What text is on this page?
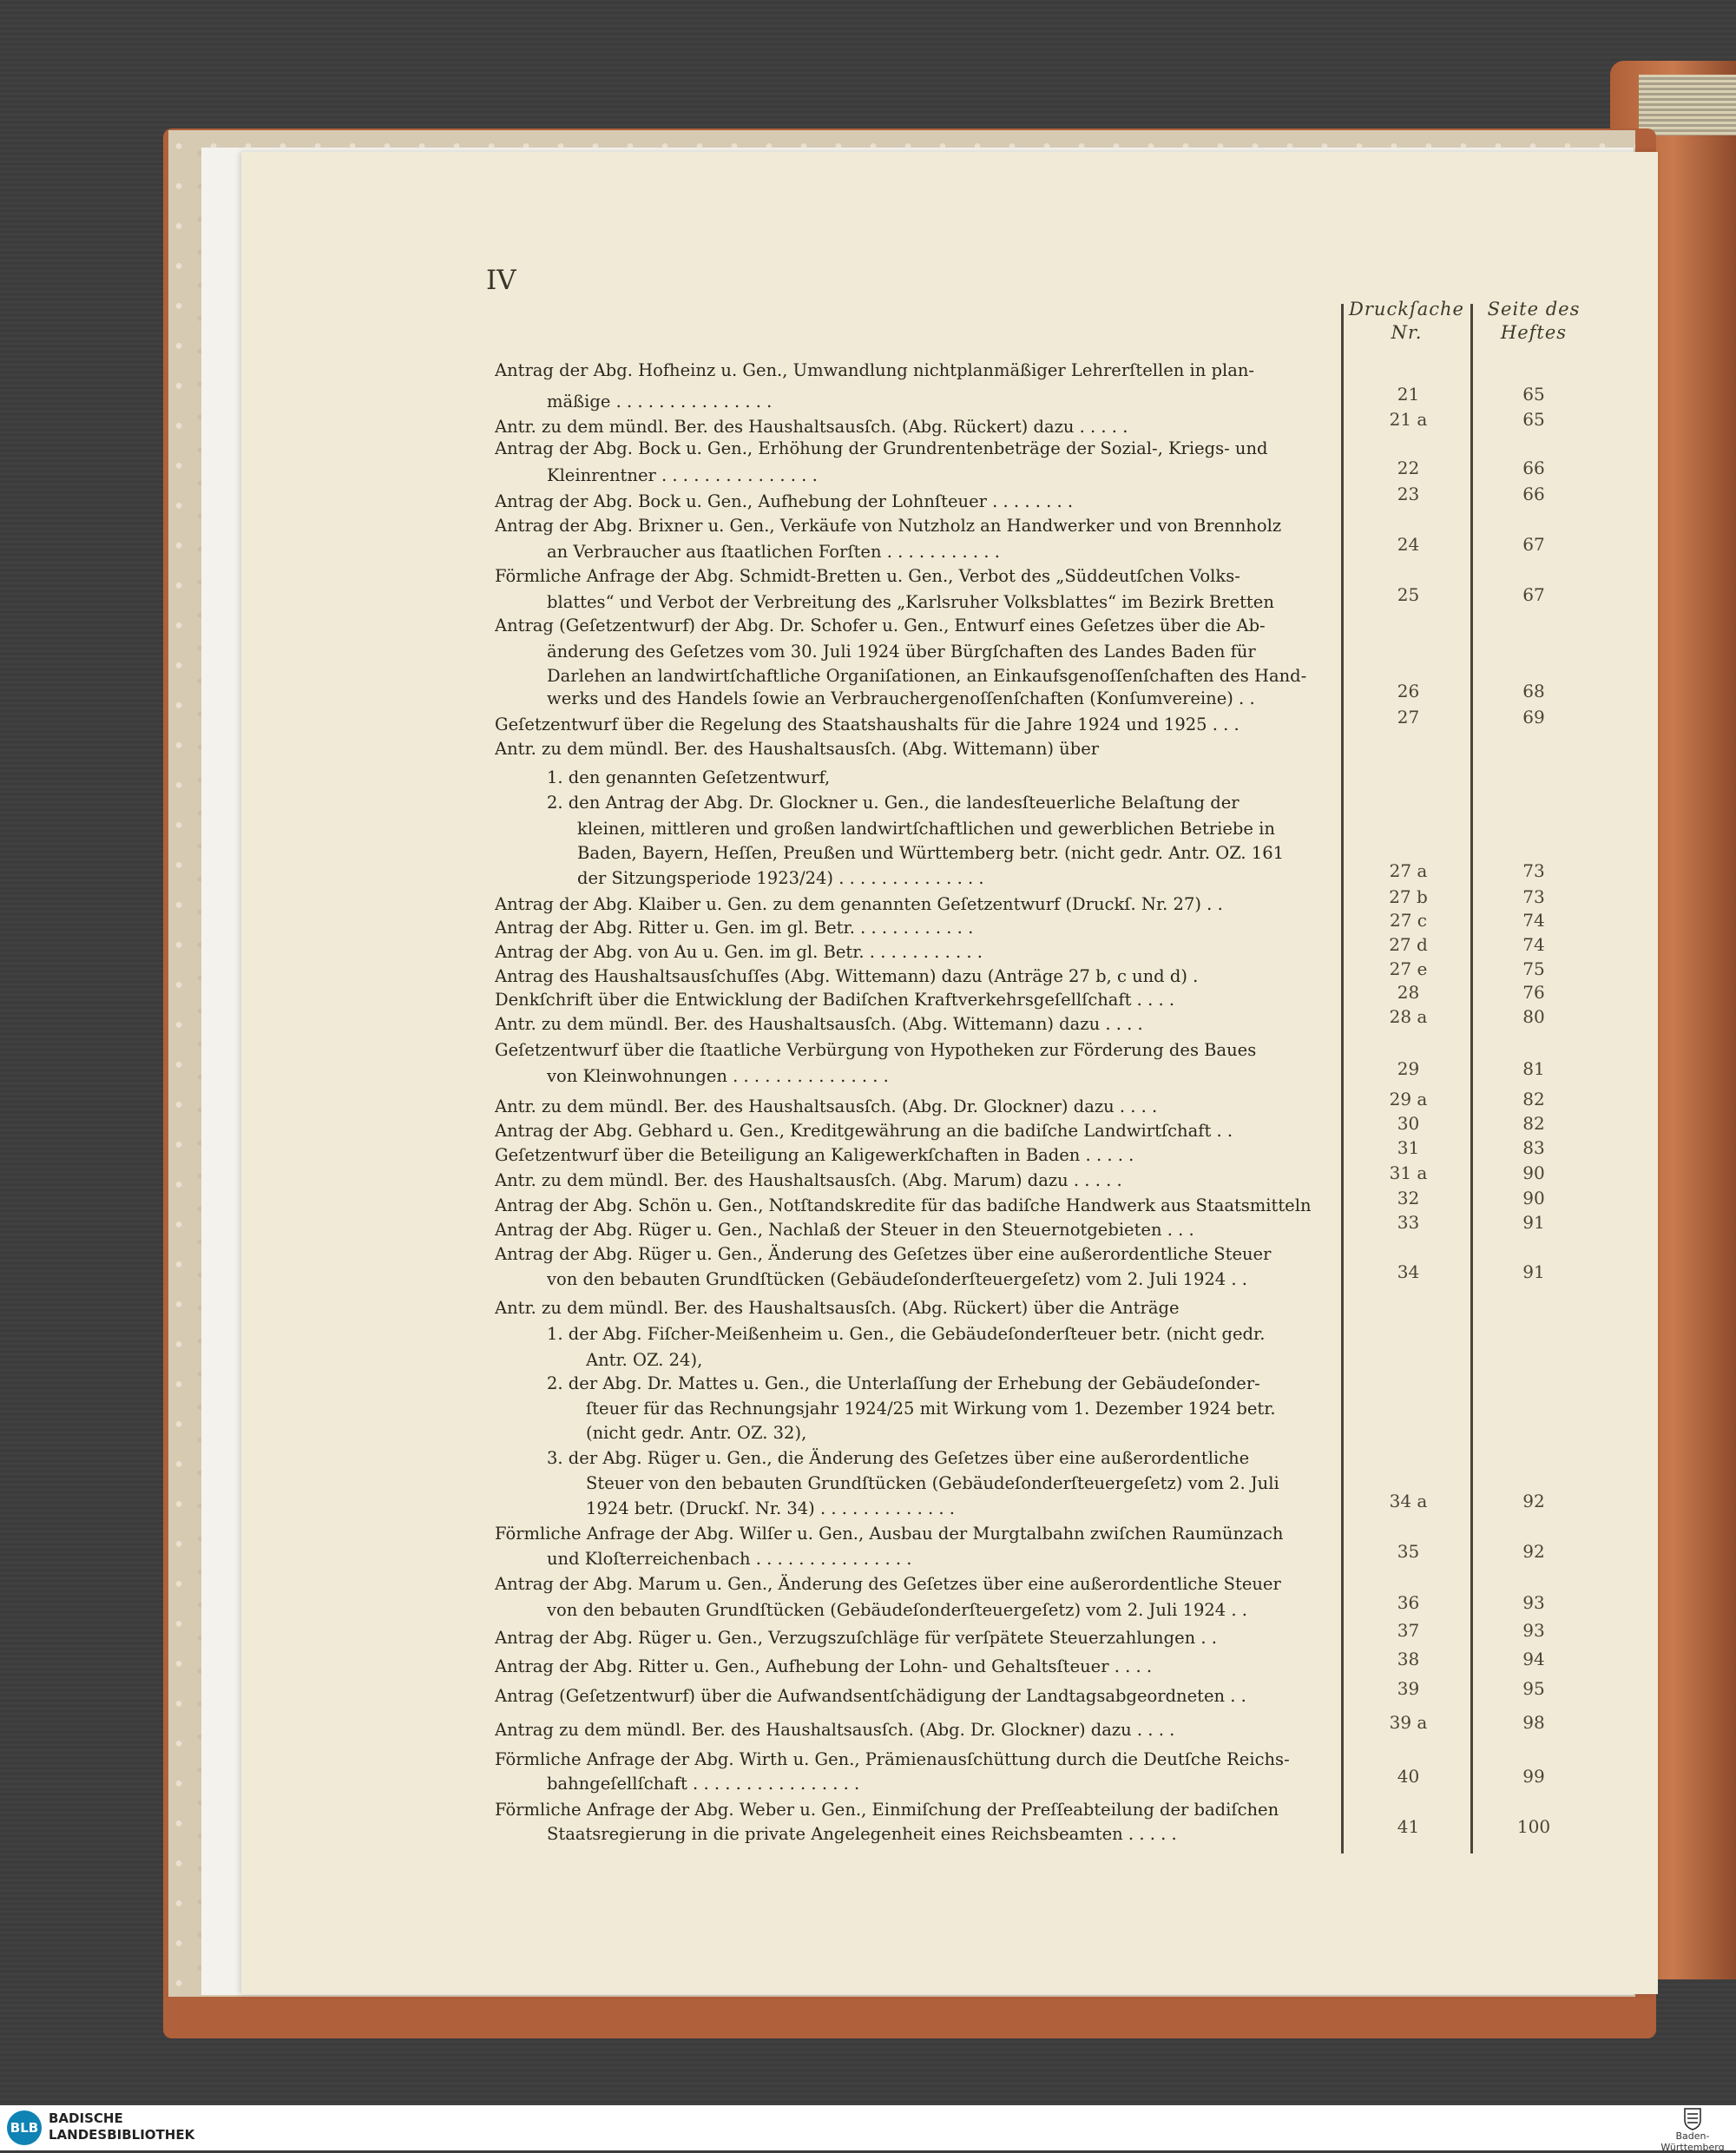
IV
Druckſache
Nr.
Seite des
Heftes
Antrag der Abg. Hofheinz u. Gen., Umwandlung nichtplanmäßiger Lehrerſtellen in plan-
mäßige . . . . . . . . . . . . . . .	21	65
Antr. zu dem mündl. Ber. des Haushaltsausſch. (Abg. Rückert) dazu . . . . .	21 a	65
Antrag der Abg. Bock u. Gen., Erhöhung der Grundrentenbeträge der Sozial-, Kriegs- und
Kleinrentner . . . . . . . . . . . . . . .	22	66
Antrag der Abg. Bock u. Gen., Aufhebung der Lohnſteuer . . . . . . . .	23	66
Antrag der Abg. Brixner u. Gen., Verkäufe von Nutzholz an Handwerker und von Brennholz
an Verbraucher aus ſtaatlichen Forſten . . . . . . . . . . .	24	67
Förmliche Anfrage der Abg. Schmidt-Bretten u. Gen., Verbot des „Süddeutſchen Volks-
blattes“ und Verbot der Verbreitung des „Karlsruher Volksblattes“ im Bezirk Bretten	25	67
Antrag (Geſetzentwurf) der Abg. Dr. Schofer u. Gen., Entwurf eines Geſetzes über die Ab-
änderung des Geſetzes vom 30. Juli 1924 über Bürgſchaften des Landes Baden für
Darlehen an landwirtſchaftliche Organiſationen, an Einkaufsgenoſſenſchaften des Hand-
werks und des Handels ſowie an Verbrauchergenoſſenſchaften (Konſumvereine) . .	26	68
Geſetzentwurf über die Regelung des Staatshaushalts für die Jahre 1924 und 1925 . . .	27	69
Antr. zu dem mündl. Ber. des Haushaltsausſch. (Abg. Wittemann) über
1. den genannten Geſetzentwurf,
2. den Antrag der Abg. Dr. Glockner u. Gen., die landesſteuerliche Belaſtung der
kleinen, mittleren und großen landwirtſchaftlichen und gewerblichen Betriebe in
Baden, Bayern, Heſſen, Preußen und Württemberg betr. (nicht gedr. Antr. OZ. 161
der Sitzungsperiode 1923/24) . . . . . . . . . . . . . .	27 a	73
Antrag der Abg. Klaiber u. Gen. zu dem genannten Geſetzentwurf (Druckſ. Nr. 27) . .	27 b	73
Antrag der Abg. Ritter u. Gen. im gl. Betr. . . . . . . . . . . .	27 c	74
Antrag der Abg. von Au u. Gen. im gl. Betr. . . . . . . . . . . .	27 d	74
Antrag des Haushaltsausſchuſſes (Abg. Wittemann) dazu (Anträge 27 b, c und d) .	27 e	75
Denkſchrift über die Entwicklung der Badiſchen Kraftverkehrsgeſellſchaft . . . .	28	76
Antr. zu dem mündl. Ber. des Haushaltsausſch. (Abg. Wittemann) dazu . . . .	28 a	80
Geſetzentwurf über die ſtaatliche Verbürgung von Hypotheken zur Förderung des Baues
von Kleinwohnungen . . . . . . . . . . . . . . .	29	81
Antr. zu dem mündl. Ber. des Haushaltsausſch. (Abg. Dr. Glockner) dazu . . . .	29 a	82
Antrag der Abg. Gebhard u. Gen., Kreditgewährung an die badiſche Landwirtſchaft . .	30	82
Geſetzentwurf über die Beteiligung an Kaligewerkſchaften in Baden . . . . .	31	83
Antr. zu dem mündl. Ber. des Haushaltsausſch. (Abg. Marum) dazu . . . . .	31 a	90
Antrag der Abg. Schön u. Gen., Notſtandskredite für das badiſche Handwerk aus Staatsmitteln	32	90
Antrag der Abg. Rüger u. Gen., Nachlaß der Steuer in den Steuernotgebieten . . .	33	91
Antrag der Abg. Rüger u. Gen., Änderung des Geſetzes über eine außerordentliche Steuer
von den bebauten Grundſtücken (Gebäudeſonderſteuergeſetz) vom 2. Juli 1924 . .	34	91
Antr. zu dem mündl. Ber. des Haushaltsausſch. (Abg. Rückert) über die Anträge
1. der Abg. Fiſcher-Meißenheim u. Gen., die Gebäudeſonderſteuer betr. (nicht gedr.
Antr. OZ. 24),
2. der Abg. Dr. Mattes u. Gen., die Unterlaſſung der Erhebung der Gebäudeſonder-
ſteuer für das Rechnungsjahr 1924/25 mit Wirkung vom 1. Dezember 1924 betr.
(nicht gedr. Antr. OZ. 32),
3. der Abg. Rüger u. Gen., die Änderung des Geſetzes über eine außerordentliche
Steuer von den bebauten Grundſtücken (Gebäudeſonderſteuergeſetz) vom 2. Juli
1924 betr. (Druckſ. Nr. 34) . . . . . . . . . . . . .	34 a	92
Förmliche Anfrage der Abg. Wilſer u. Gen., Ausbau der Murgtalbahn zwiſchen Raumünzach
und Kloſterreichenbach . . . . . . . . . . . . . . .	35	92
Antrag der Abg. Marum u. Gen., Änderung des Geſetzes über eine außerordentliche Steuer
von den bebauten Grundſtücken (Gebäudeſonderſteuergeſetz) vom 2. Juli 1924 . .	36	93
Antrag der Abg. Rüger u. Gen., Verzugszuſchläge für verſpätete Steuerzahlungen . .	37	93
Antrag der Abg. Ritter u. Gen., Aufhebung der Lohn- und Gehaltsſteuer . . . .	38	94
Antrag (Geſetzentwurf) über die Aufwandsentſchädigung der Landtagsabgeordneten . .	39	95
Antrag zu dem mündl. Ber. des Haushaltsausſch. (Abg. Dr. Glockner) dazu . . . .	39 a	98
Förmliche Anfrage der Abg. Wirth u. Gen., Prämienausſchüttung durch die Deutſche Reichs-
bahngeſellſchaft . . . . . . . . . . . . . . . .	40	99
Förmliche Anfrage der Abg. Weber u. Gen., Einmiſchung der Preſſeabteilung der badiſchen
Staatsregierung in die private Angelegenheit eines Reichsbeamten . . . . .	41	100
BLB
BADISCHE
LANDESBIBLIOTHEK	Baden-Württemberg
